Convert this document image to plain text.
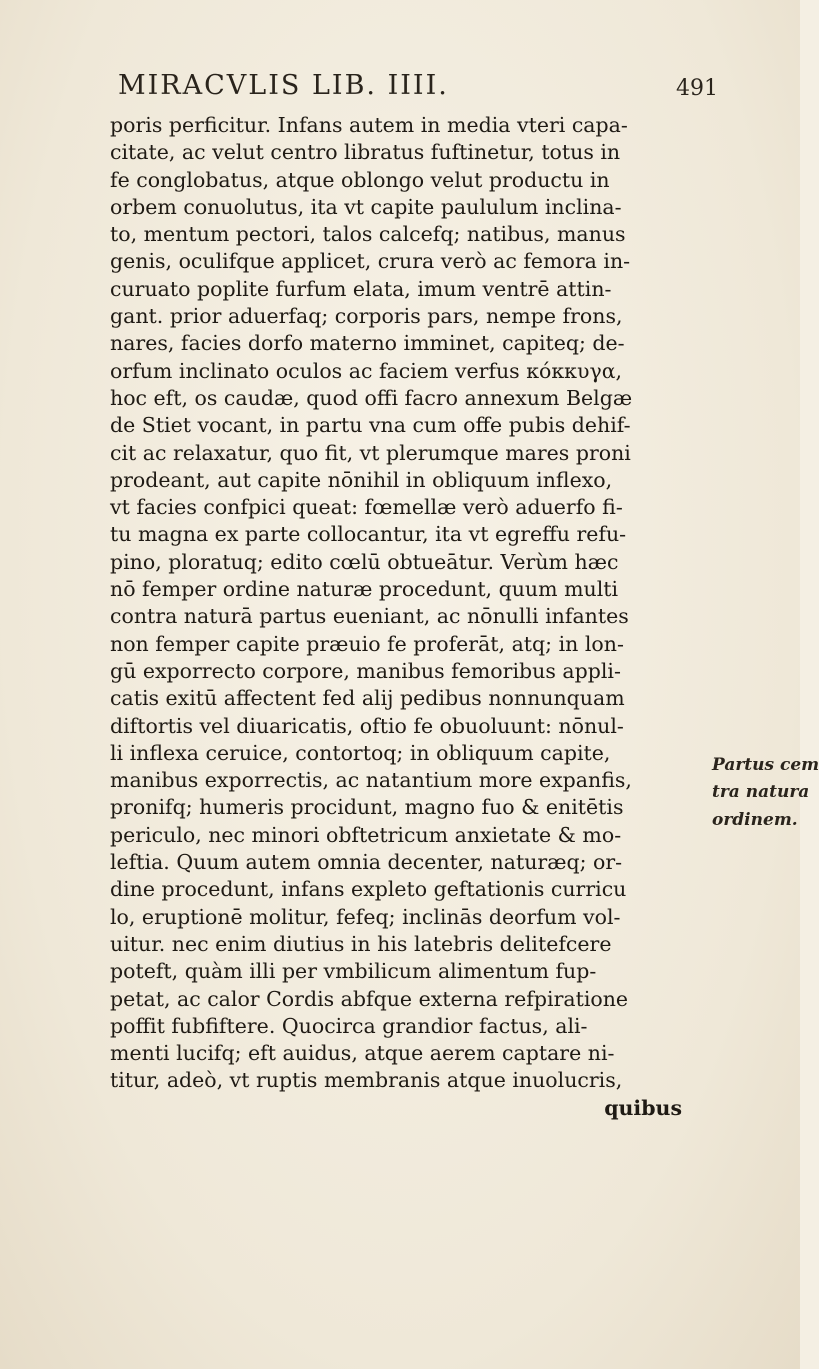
MIRACVLIS LIB. IIII.	491
poris perficitur. Infans autem in media vteri capa-
citate, ac velut centro libratus fuftinetur, totus in
fe conglobatus, atque oblongo velut productu in
orbem conuolutus, ita vt capite paululum inclina-
to, mentum pectori, talos calcefq; natibus, manus
genis, oculifque applicet, crura verò ac femora in-
curuato poplite furfum elata, imum ventrē attin-
gant. prior aduerfaq; corporis pars, nempe frons,
nares, facies dorfo materno imminet, capiteq; de-
orfum inclinato oculos ac faciem verfus κόκκυγα,
hoc eft, os caudæ, quod offi facro annexum Belgæ
de Stiet vocant, in partu vna cum offe pubis dehif-
cit ac relaxatur, quo fit, vt plerumque mares proni
prodeant, aut capite nōnihil in obliquum inflexo,
vt facies confpici queat: fœmellæ verò aduerfo fi-
tu magna ex parte collocantur, ita vt egreffu refu-
pino, ploratuq; edito cœlū obtueātur. Verùm hæc
nō femper ordine naturæ procedunt, quum multi
contra naturā partus eueniant, ac nōnulli infantes
non femper capite præuio fe proferāt, atq; in lon-
gū exporrecto corpore, manibus femoribus appli-
catis exitū affectent fed alij pedibus nonnunquam
diftortis vel diuaricatis, oftio fe obuoluunt: nōnul-
li inflexa ceruice, contortoq; in obliquum capite,
manibus exporrectis, ac natantium more expanfis,
pronifq; humeris procidunt, magno fuo & enitētis
periculo, nec minori obftetricum anxietate & mo-
leftia. Quum autem omnia decenter, naturæq; or-
dine procedunt, infans expleto geftationis curricu
lo, eruptionē molitur, fefeq; inclinās deorfum vol-
uitur. nec enim diutius in his latebris delitefcere
poteft, quàm illi per vmbilicum alimentum fup-
petat, ac calor Cordis abfque externa refpiratione
poffit fubfiftere. Quocirca grandior factus, ali-
menti lucifq; eft auidus, atque aerem captare ni-
titur, adeò, vt ruptis membranis atque inuolucris,
quibus
Partus cem
tra natura
ordinem.
